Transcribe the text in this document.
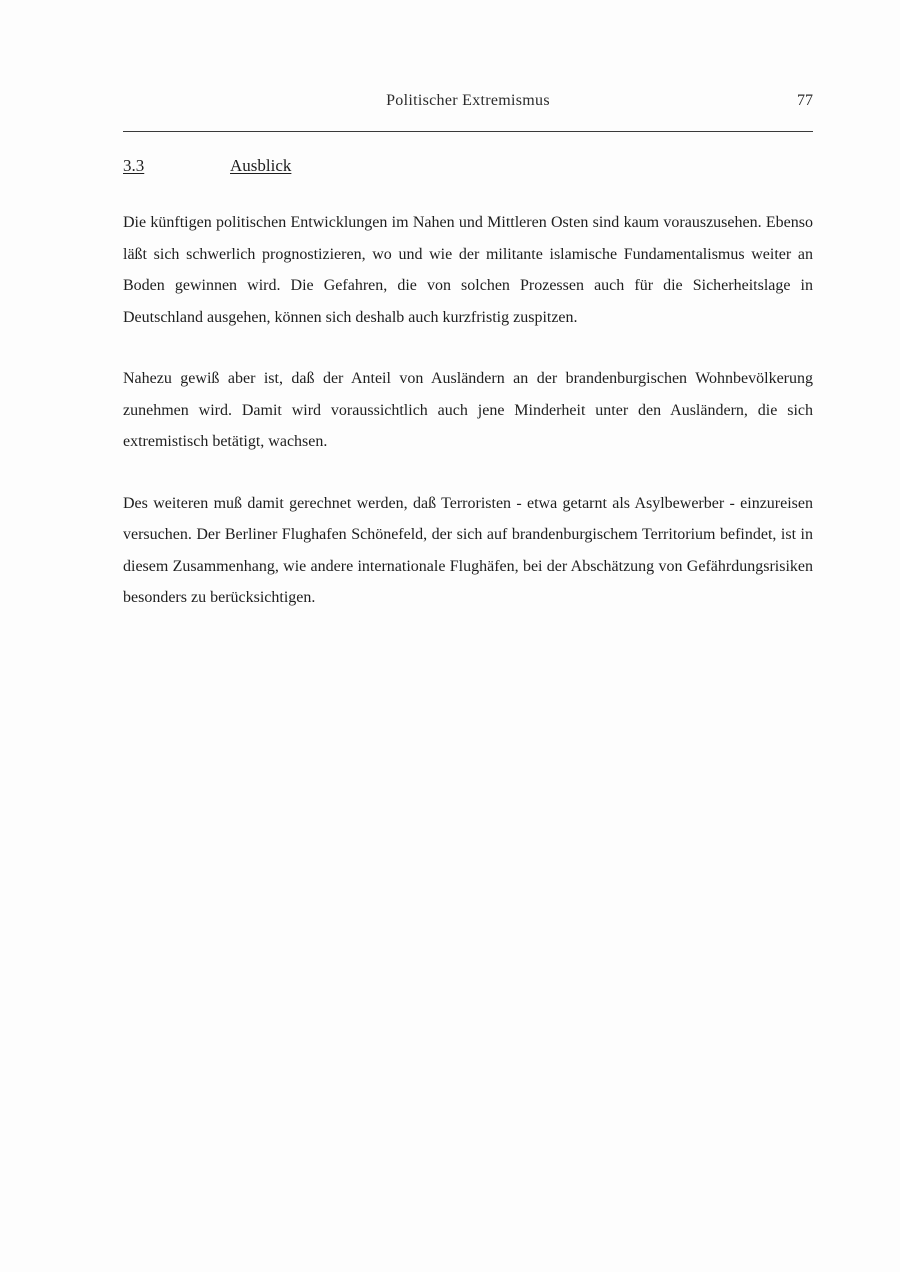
Politischer Extremismus	77
3.3	Ausblick

Die künftigen politischen Entwicklungen im Nahen und Mittleren Osten sind kaum vorauszusehen. Ebenso läßt sich schwerlich prognostizieren, wo und wie der militante islamische Fundamentalismus weiter an Boden gewinnen wird. Die Gefahren, die von solchen Prozessen auch für die Sicherheitslage in Deutschland ausgehen, können sich deshalb auch kurzfristig zuspitzen.

Nahezu gewiß aber ist, daß der Anteil von Ausländern an der brandenburgischen Wohnbevölkerung zunehmen wird. Damit wird voraussichtlich auch jene Minderheit unter den Ausländern, die sich extremistisch betätigt, wachsen.

Des weiteren muß damit gerechnet werden, daß Terroristen - etwa getarnt als Asylbewerber - einzureisen versuchen. Der Berliner Flughafen Schönefeld, der sich auf brandenburgischem Territorium befindet, ist in diesem Zusammenhang, wie andere internationale Flughäfen, bei der Abschätzung von Gefährdungsrisiken besonders zu berücksichtigen.
